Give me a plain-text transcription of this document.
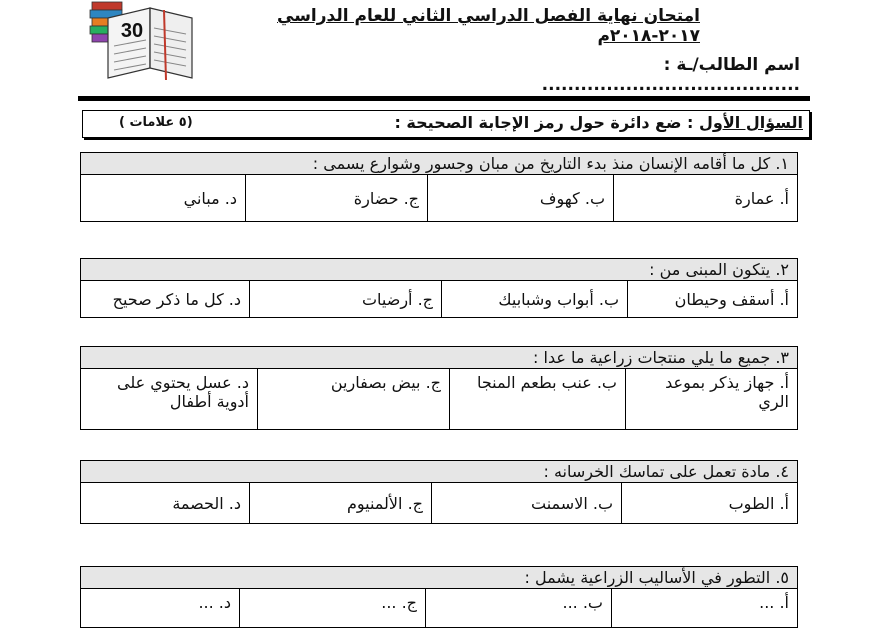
30
امتحان نهاية الفصل الدراسي الثاني للعام الدراسي ٢٠١٧-٢٠١٨م
اسم الطالب/ـة : ........................................
السؤال الأول : ضع دائرة حول رمز الإجابة الصحيحة :
(٥ علامات )
١. كل ما أقامه الإنسان منذ بدء التاريخ من مبان وجسور وشوارع يسمى :
أ. عمارة
ب. كهوف
ج. حضارة
د. مباني
٢. يتكون المبنى من :
أ. أسقف وحيطان
ب. أبواب وشبابيك
ج. أرضيات
د. كل ما ذكر صحيح
٣. جميع ما يلي منتجات زراعية ما عدا :
أ. جهاز يذكر بموعد الري
ب. عنب بطعم المنجا
ج. بيض بصفارين
د. عسل يحتوي على أدوية أطفال
٤. مادة تعمل على تماسك الخرسانه :
أ. الطوب
ب. الاسمنت
ج. الألمنيوم
د. الحصمة
٥. التطور في الأساليب الزراعية يشمل :
أ. ...
ب. ...
ج. ...
د. ...
